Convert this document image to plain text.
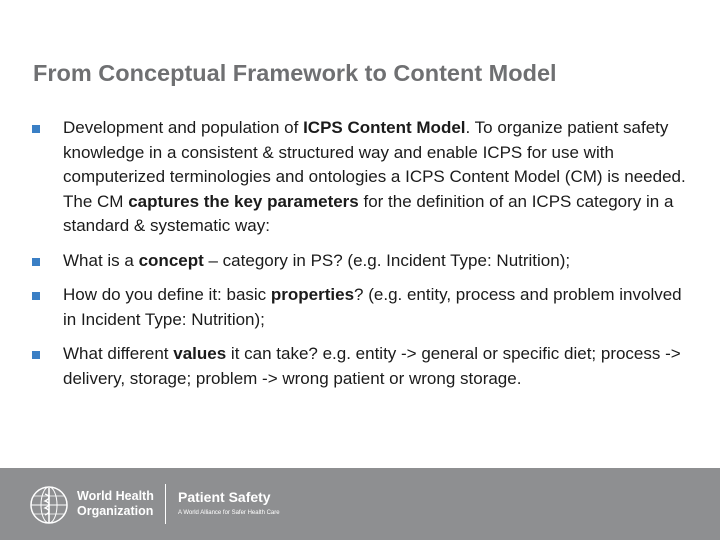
From Conceptual Framework to Content Model
Development and population of ICPS Content Model. To organize patient safety knowledge in a consistent & structured way and enable ICPS for use with computerized terminologies and ontologies a ICPS Content Model (CM) is needed. The CM captures the key parameters for the definition of an ICPS category in a standard & systematic way:
What is a concept – category in PS? (e.g. Incident Type: Nutrition);
How do you define it: basic properties? (e.g. entity, process and problem involved in Incident Type: Nutrition);
What different values it can take? e.g. entity -> general or specific diet; process -> delivery, storage; problem -> wrong patient or wrong storage.
World Health
Organization
Patient Safety
A World Alliance for Safer Health Care
